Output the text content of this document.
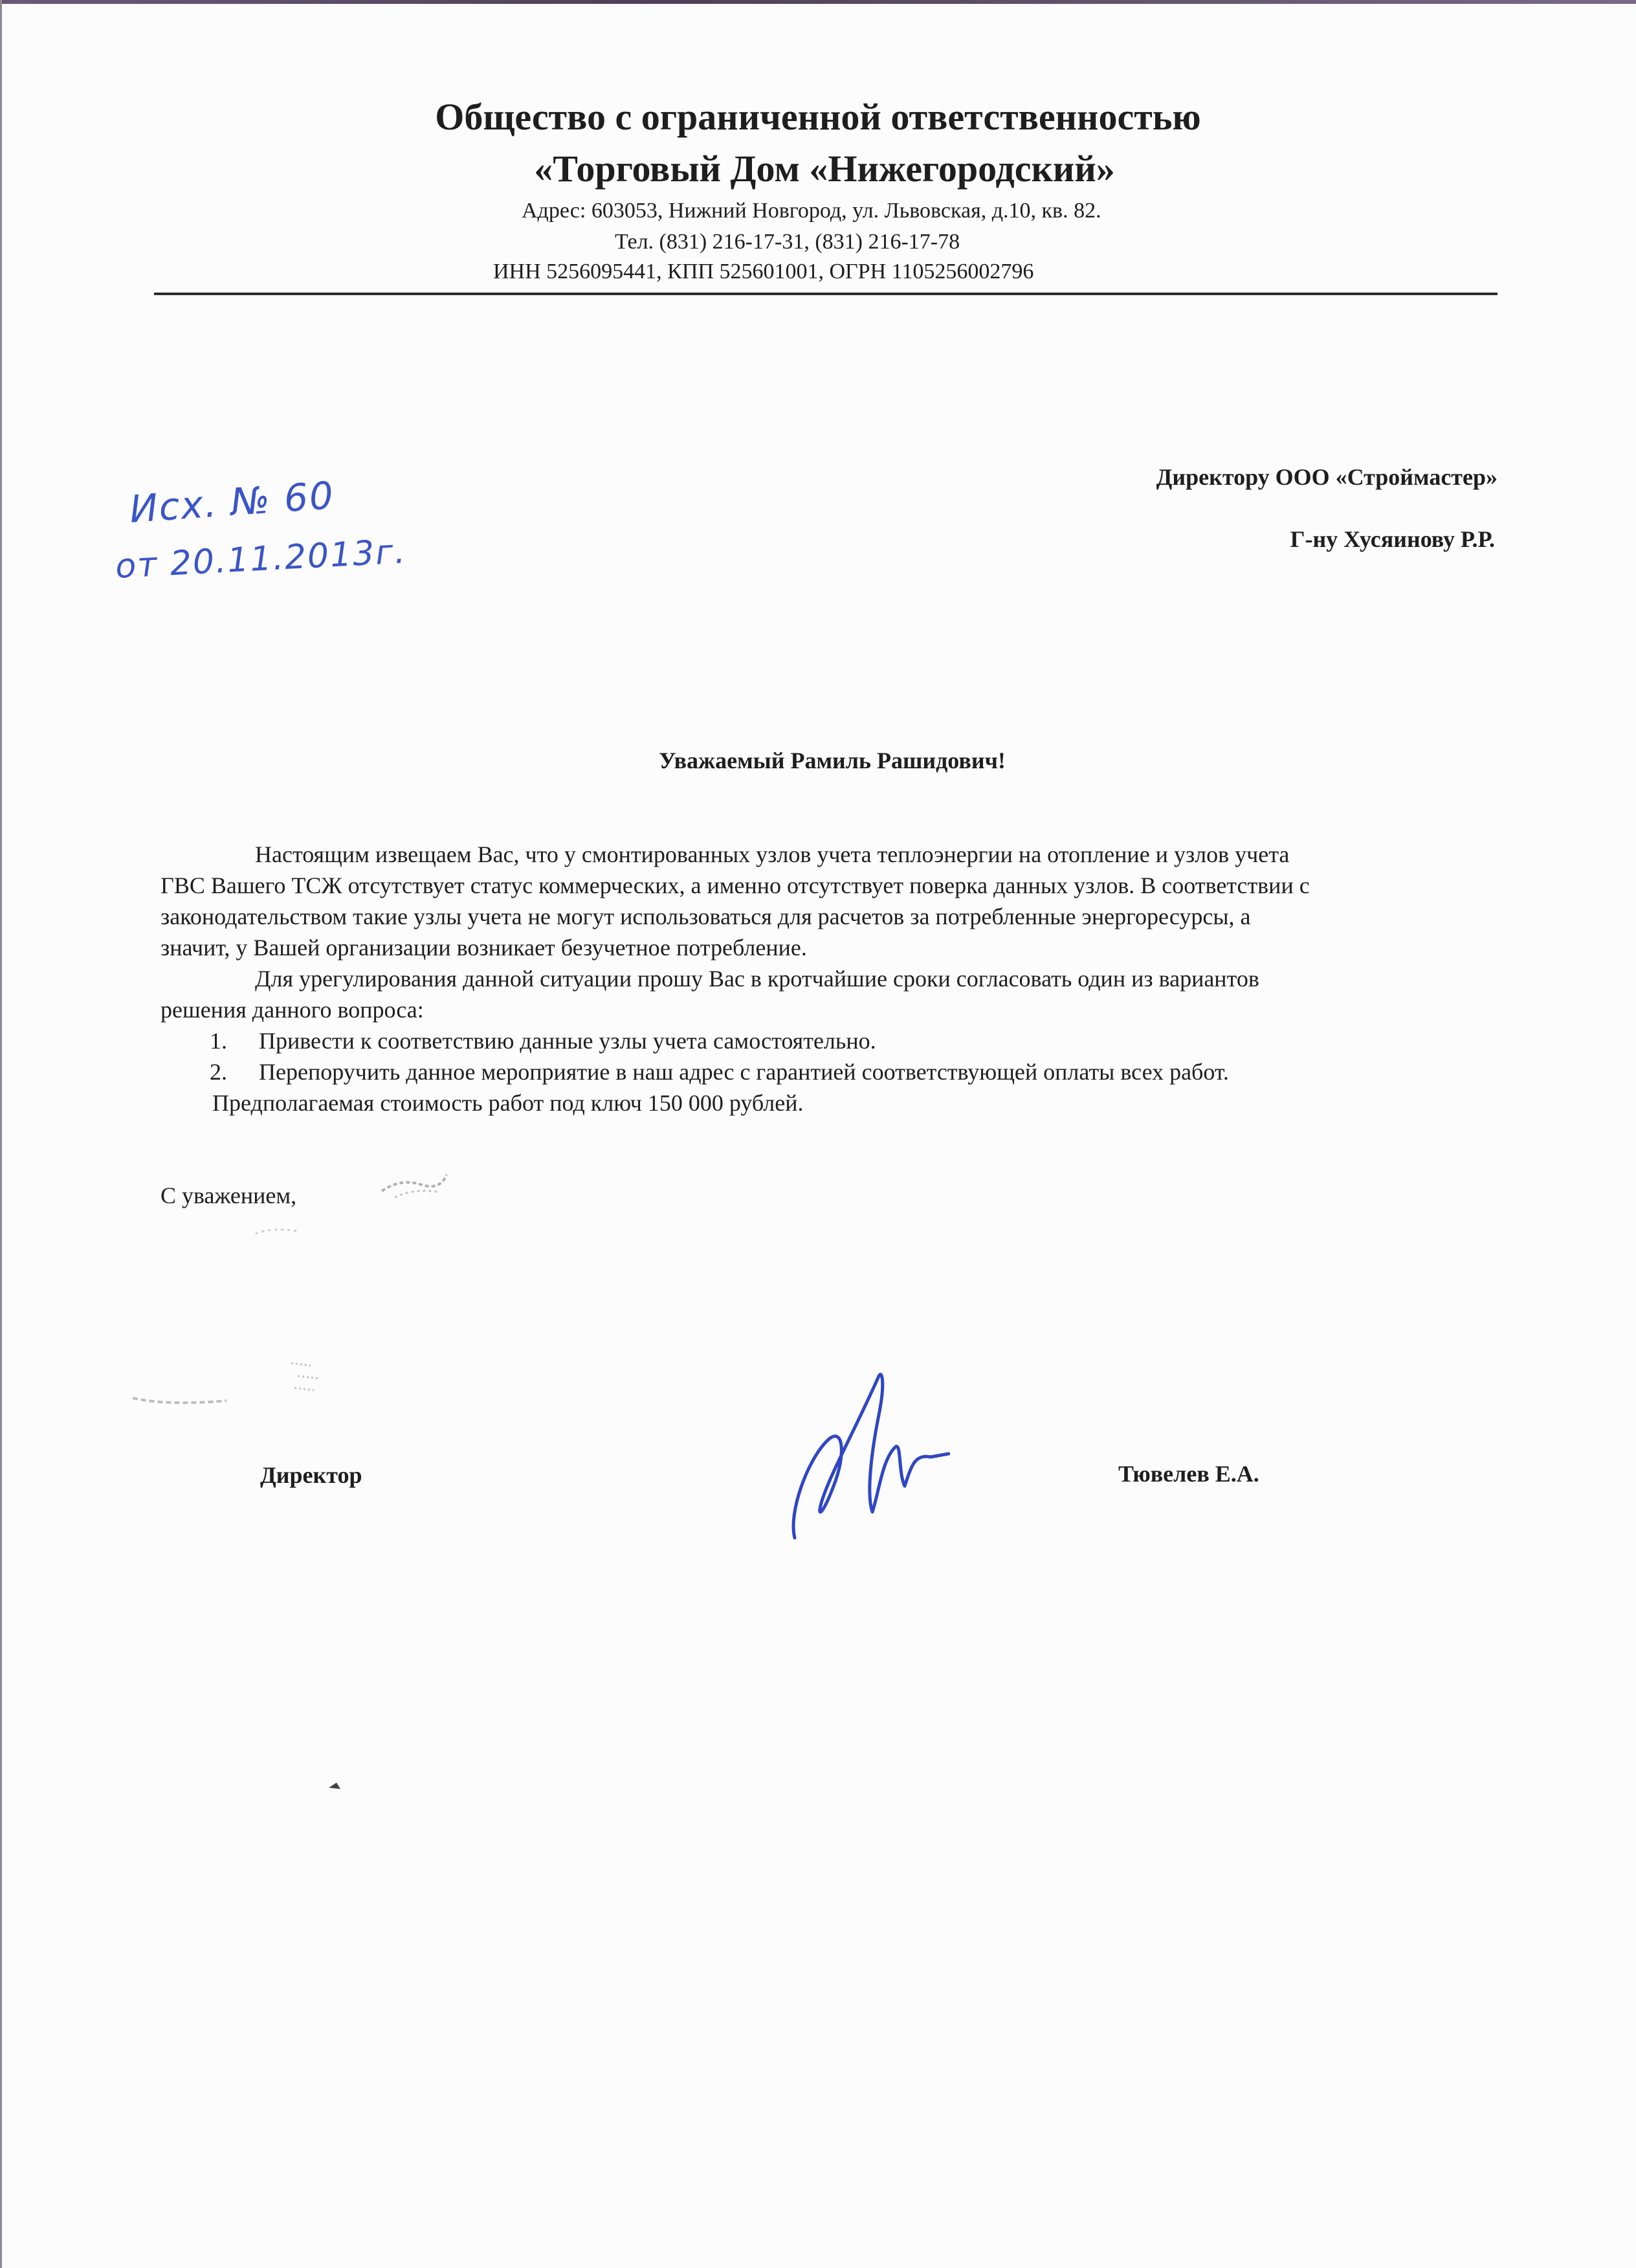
Общество с ограниченной ответственностью
«Торговый Дом «Нижегородский»
Адрес: 603053, Нижний Новгород, ул. Львовская, д.10, кв. 82.
Тел. (831) 216-17-31, (831) 216-17-78
ИНН 5256095441, КПП 525601001, ОГРН 1105256002796
Исх. № 60
от 20.11.2013г.
Директору ООО «Строймастер»
Г-ну Хусяинову Р.Р.
Уважаемый Рамиль Рашидович!

Настоящим извещаем Вас, что у смонтированных узлов учета теплоэнергии на отопление и узлов учета

ГВС Вашего ТСЖ отсутствует статус коммерческих, а именно отсутствует поверка данных узлов. В соответствии с

законодательством такие узлы учета не могут использоваться для расчетов за потребленные энергоресурсы, а

значит, у Вашей организации возникает безучетное потребление.

Для урегулирования данной ситуации прошу Вас в кротчайшие сроки согласовать один из вариантов

решения данного вопроса:

1. Привести к соответствию данные узлы учета самостоятельно.

2. Перепоручить данное мероприятие в наш адрес с гарантией соответствующей оплаты всех работ.

Предполагаемая стоимость работ под ключ 150 000 рублей.

С уважением,
Директор	Тювелев Е.А.
